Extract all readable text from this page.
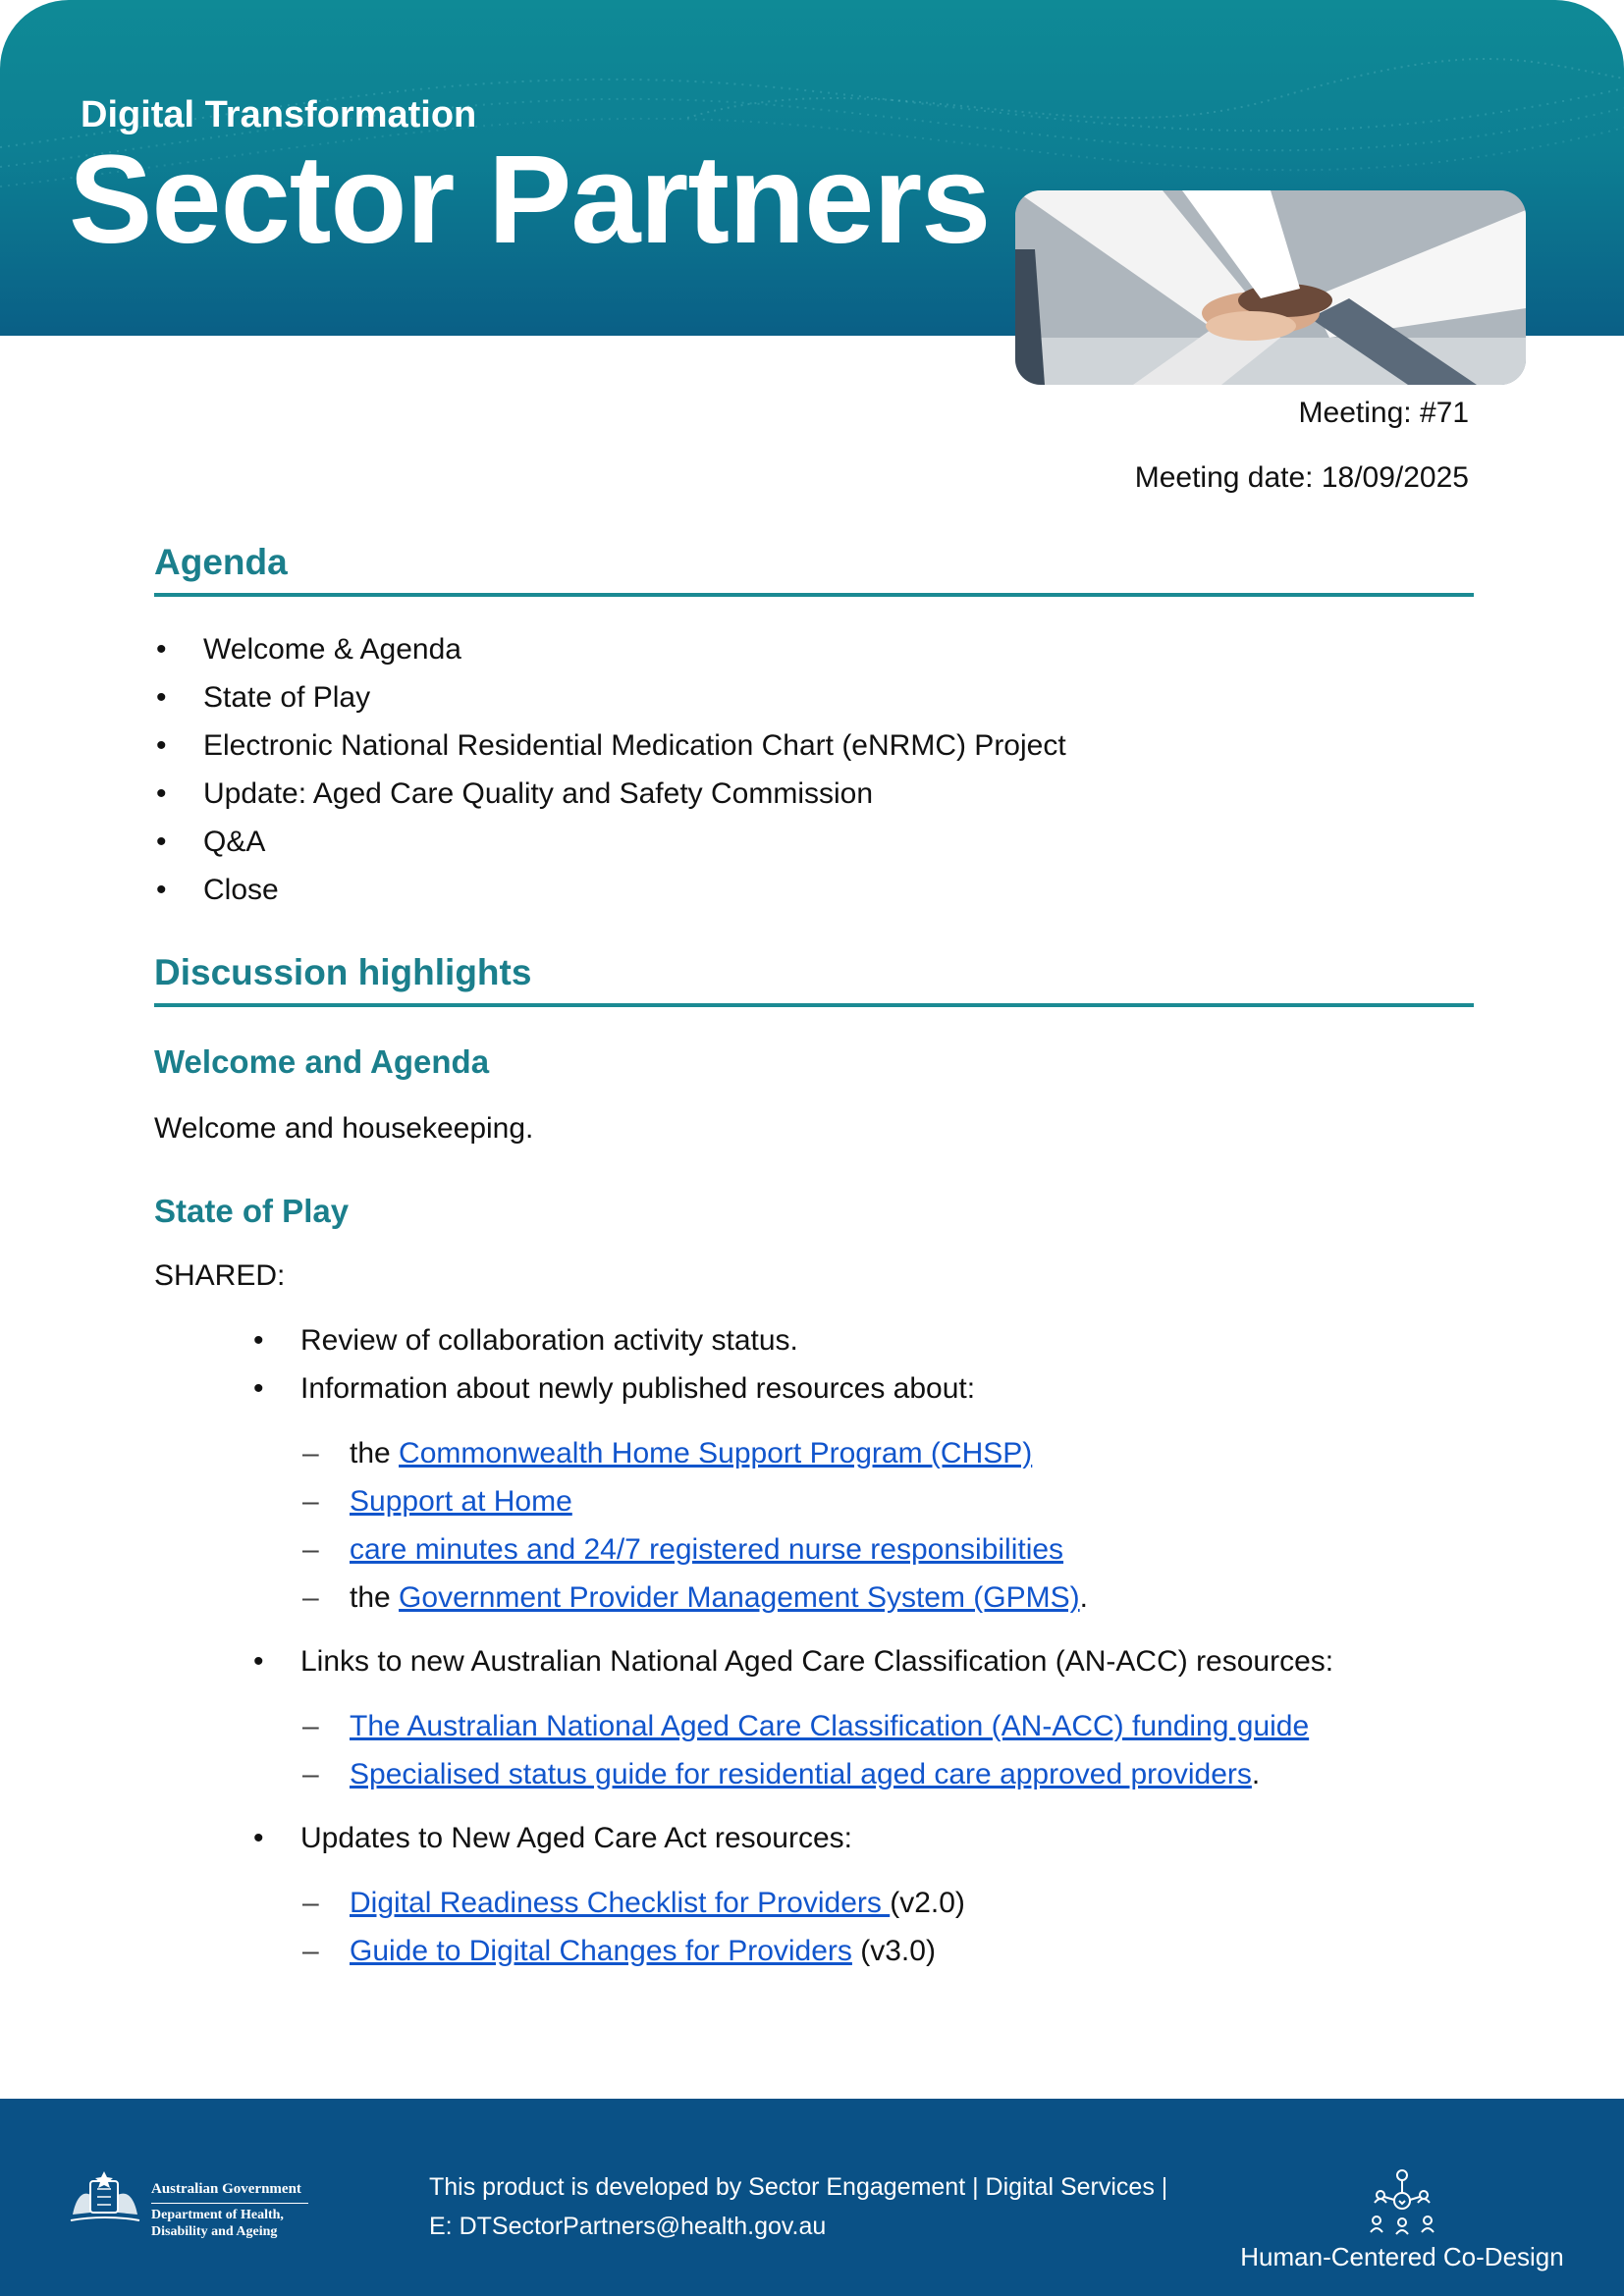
Digital Transformation
Sector Partners
Meeting: #71
Meeting date: 18/09/2025
Agenda
• Welcome & Agenda
• State of Play
• Electronic National Residential Medication Chart (eNRMC) Project
• Update: Aged Care Quality and Safety Commission
• Q&A
• Close
Discussion highlights
Welcome and Agenda
Welcome and housekeeping.
State of Play
SHARED:
• Review of collaboration activity status.
• Information about newly published resources about:
– the Commonwealth Home Support Program (CHSP)
– Support at Home
– care minutes and 24/7 registered nurse responsibilities
– the Government Provider Management System (GPMS).
• Links to new Australian National Aged Care Classification (AN-ACC) resources:
– The Australian National Aged Care Classification (AN-ACC) funding guide
– Specialised status guide for residential aged care approved providers.
• Updates to New Aged Care Act resources:
– Digital Readiness Checklist for Providers (v2.0)
– Guide to Digital Changes for Providers (v3.0)
Australian Government
Department of Health,
Disability and Ageing
This product is developed by Sector Engagement | Digital Services |
E: DTSectorPartners@health.gov.au
Human-Centered Co-Design
